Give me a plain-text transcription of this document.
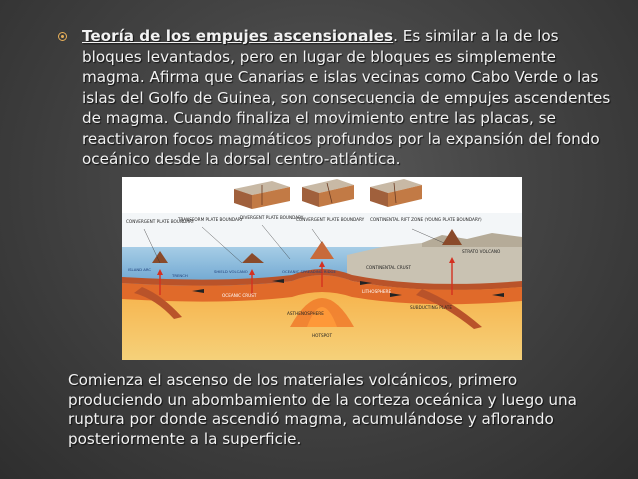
Teoría de los empujes ascensionales. Es similar a la de los bloques levantados, pero en lugar de bloques es simplemente magma. Afirma que Canarias e islas vecinas como Cabo Verde o las islas del Golfo de Guinea, son consecuencia de empujes ascendentes de magma. Cuando finaliza el movimiento entre las placas, se reactivaron focos magmáticos profundos por la expansión del fondo oceánico desde la dorsal centro-atlántica.
CONVERGENT PLATE BOUNDARY
TRANSFORM PLATE BOUNDARY
DIVERGENT PLATE BOUNDARY
CONVERGENT PLATE BOUNDARY CONTINENTAL RIFT ZONE (YOUNG PLATE BOUNDARY)
ISLAND ARC
TRENCH
SHIELD VOLCANO	OCEANIC SPREADING RIDGE
CONTINENTAL CRUST
OCEANIC CRUST
LITHOSPHERE
ASTHENOSPHERE
HOTSPOT
SUBDUCTING PLATE
STRATO VOLCANO
Comienza el ascenso de los materiales volcánicos, primero produciendo un abombamiento de la corteza oceánica y luego una ruptura por donde ascendió magma, acumulándose y aflorando posteriormente a la superficie.
